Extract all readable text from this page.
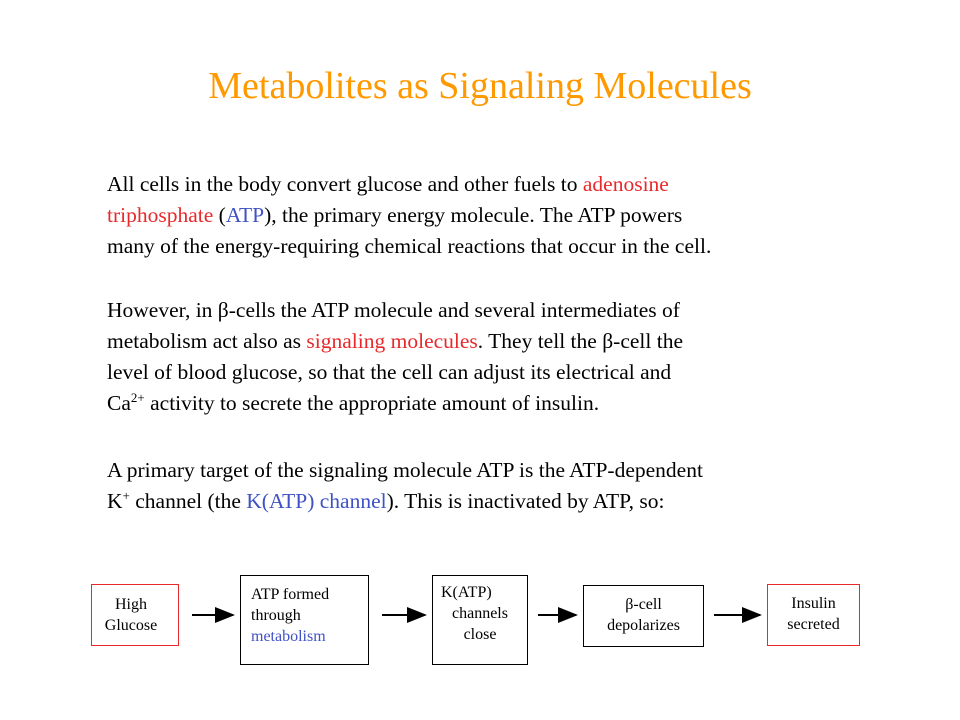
Metabolites as Signaling Molecules
All cells in the body convert glucose and other fuels to adenosine
triphosphate (ATP), the primary energy molecule. The ATP powers
many of the energy-requiring chemical reactions that occur in the cell.
However, in β-cells the ATP molecule and several intermediates of
metabolism act also as signaling molecules. They tell the β-cell the
level of blood glucose, so that the cell can adjust its electrical and
$Ca^{2+}$ activity to secrete the appropriate amount of insulin.
A primary target of the signaling molecule ATP is the ATP-dependent
K+ channel (the K(ATP) channel). This is inactivated by ATP, so:
High
Glucose
ATP formed
through
metabolism
K(ATP)
channels
close
β-cell
depolarizes
Insulin
secreted
